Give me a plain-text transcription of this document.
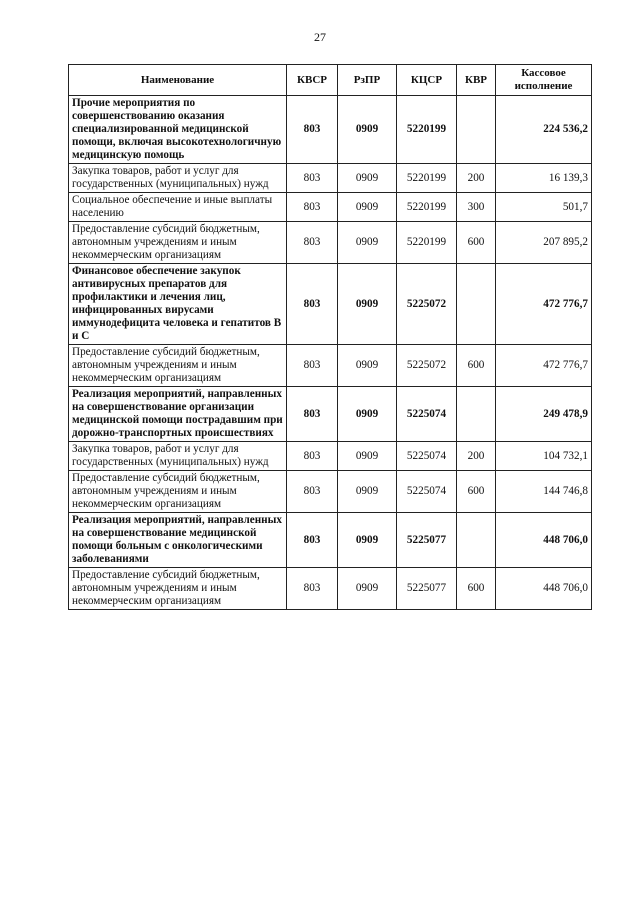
27
Наименование	КВСР	РзПР	КЦСР	КВР	Кассовое исполнение
Прочие мероприятия по совершенствованию оказания специализированной медицинской помощи, включая высокотехнологичную медицинскую помощь	803	0909	5220199		224 536,2
Закупка товаров, работ и услуг для государственных (муниципальных) нужд	803	0909	5220199	200	16 139,3
Социальное обеспечение и иные выплаты населению	803	0909	5220199	300	501,7
Предоставление субсидий бюджетным, автономным учреждениям и иным некоммерческим организациям	803	0909	5220199	600	207 895,2
Финансовое обеспечение закупок антивирусных препаратов для профилактики и лечения лиц, инфицированных вирусами иммунодефицита человека и гепатитов В и С	803	0909	5225072		472 776,7
Предоставление субсидий бюджетным, автономным учреждениям и иным некоммерческим организациям	803	0909	5225072	600	472 776,7
Реализация мероприятий, направленных на совершенствование организации медицинской помощи пострадавшим при дорожно-транспортных происшествиях	803	0909	5225074		249 478,9
Закупка товаров, работ и услуг для государственных (муниципальных) нужд	803	0909	5225074	200	104 732,1
Предоставление субсидий бюджетным, автономным учреждениям и иным некоммерческим организациям	803	0909	5225074	600	144 746,8
Реализация мероприятий, направленных на совершенствование медицинской помощи больным с онкологическими заболеваниями	803	0909	5225077		448 706,0
Предоставление субсидий бюджетным, автономным учреждениям и иным некоммерческим организациям	803	0909	5225077	600	448 706,0
